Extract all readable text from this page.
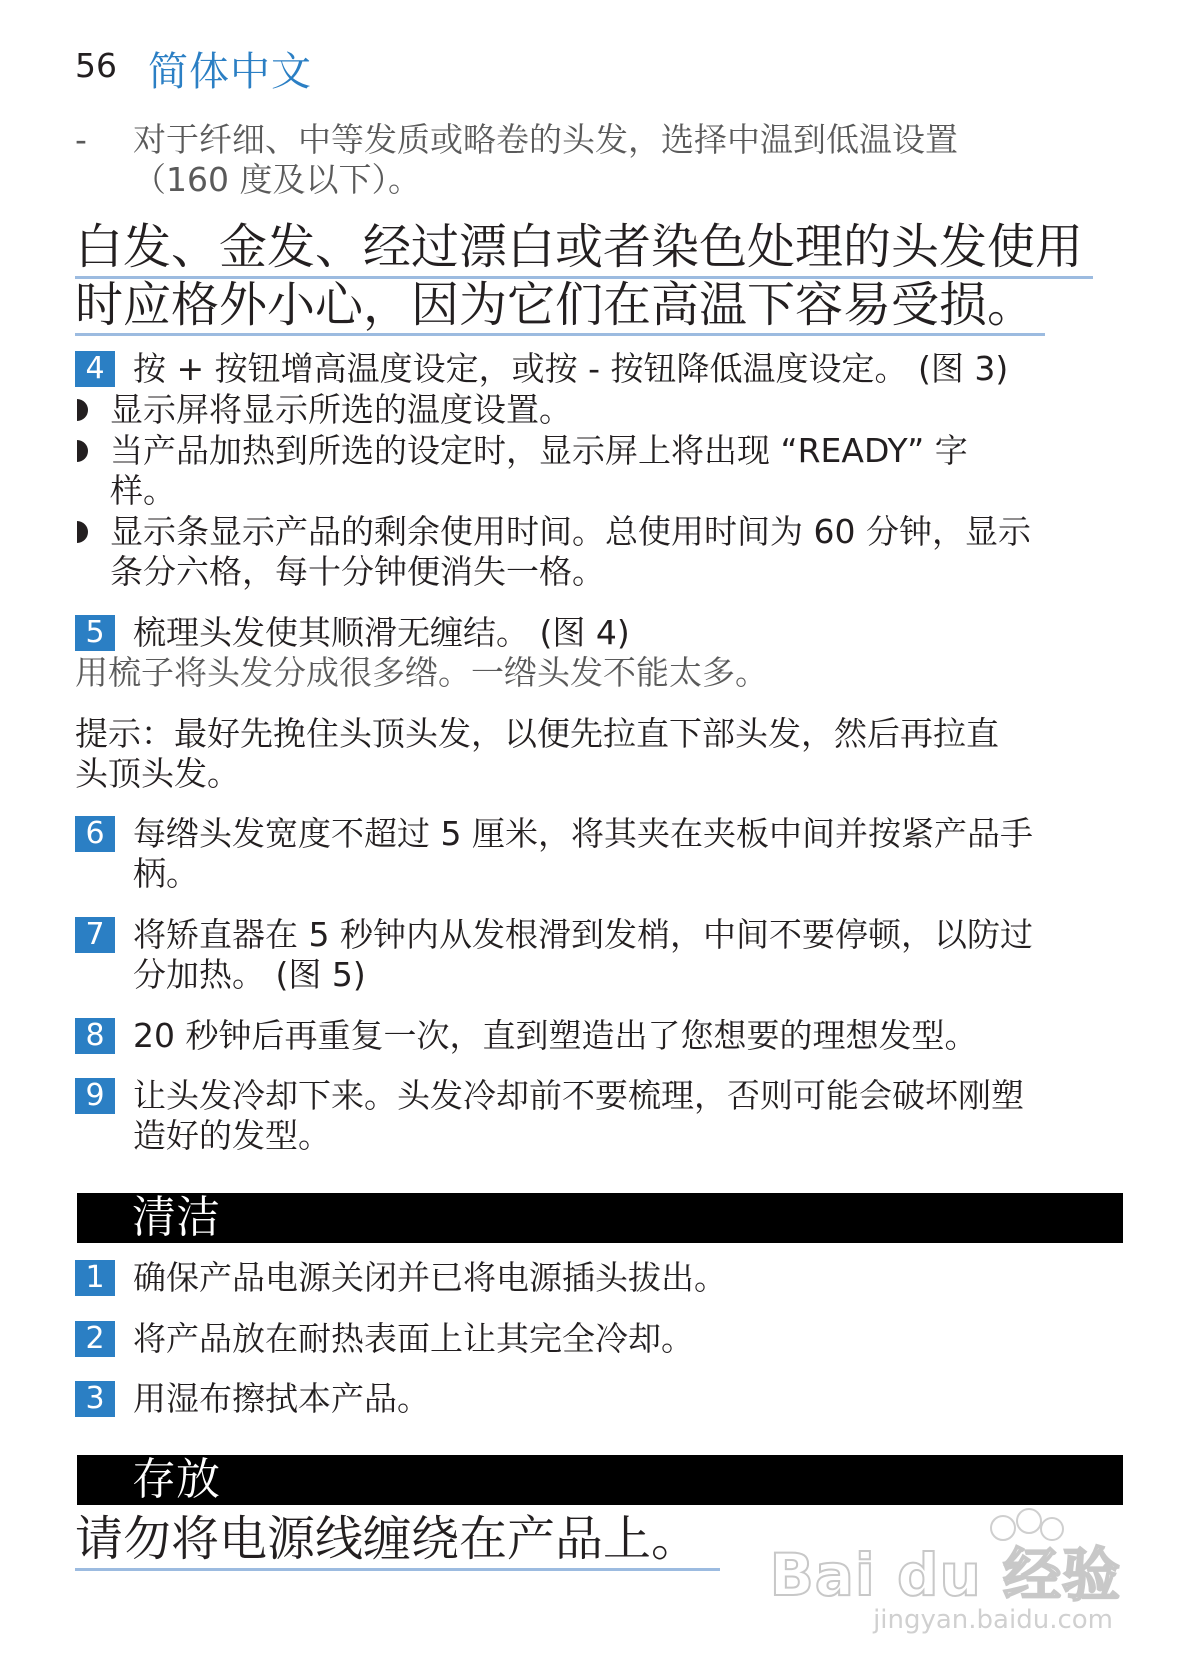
56 简体中文
- 对于纤细、中等发质或略卷的头发，选择中温到低温设置
（160 度及以下）。
白发、金发、经过漂白或者染色处理的头发使用
时应格外小心，因为它们在高温下容易受损。
4 按 + 按钮增高温度设定，或按 - 按钮降低温度设定。 (图 3)
显示屏将显示所选的温度设置。
当产品加热到所选的设定时，显示屏上将出现 “READY” 字
样。
显示条显示产品的剩余使用时间。总使用时间为 60 分钟，显示
条分六格，每十分钟便消失一格。
5 梳理头发使其顺滑无缠结。 (图 4)
用梳子将头发分成很多绺。一绺头发不能太多。
提示：最好先挽住头顶头发，以便先拉直下部头发，然后再拉直
头顶头发。
6 每绺头发宽度不超过 5 厘米，将其夹在夹板中间并按紧产品手
柄。
7 将矫直器在 5 秒钟内从发根滑到发梢，中间不要停顿，以防过
分加热。 (图 5)
8 20 秒钟后再重复一次，直到塑造出了您想要的理想发型。
9 让头发冷却下来。头发冷却前不要梳理，否则可能会破坏刚塑
造好的发型。
清洁
1 确保产品电源关闭并已将电源插头拔出。
2 将产品放在耐热表面上让其完全冷却。
3 用湿布擦拭本产品。
存放
请勿将电源线缠绕在产品上。
Bai du 经验
jingyan.baidu.com
